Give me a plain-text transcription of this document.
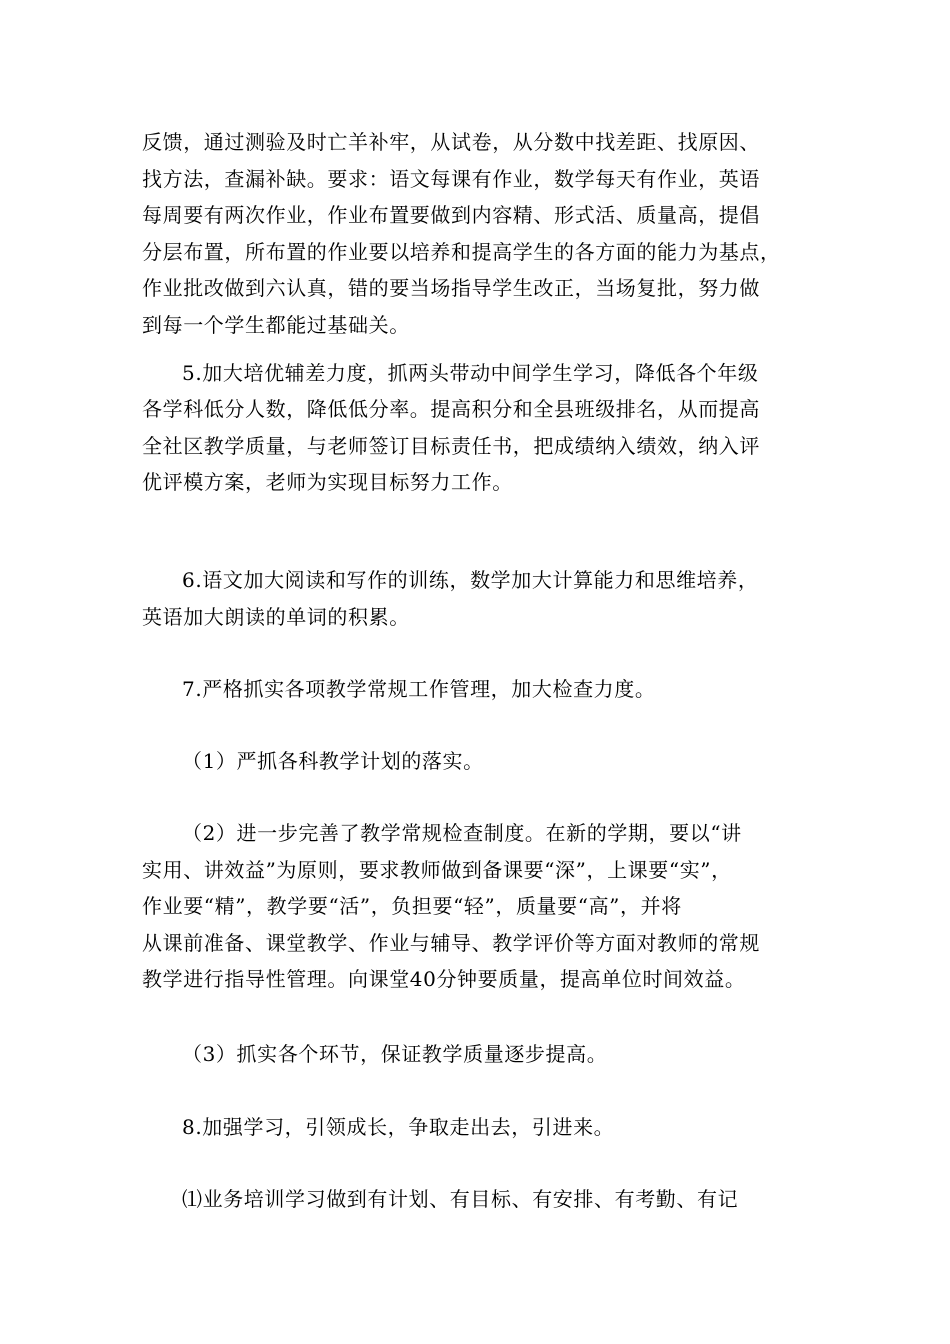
反馈，通过测验及时亡羊补牢，从试卷，从分数中找差距、找原因、
找方法，查漏补缺。要求：语文每课有作业，数学每天有作业，英语
每周要有两次作业，作业布置要做到内容精、形式活、质量高，提倡
分层布置，所布置的作业要以培养和提高学生的各方面的能力为基点，
作业批改做到六认真，错的要当场指导学生改正，当场复批，努力做
到每一个学生都能过基础关。
5.加大培优辅差力度，抓两头带动中间学生学习，降低各个年级
各学科低分人数，降低低分率。提高积分和全县班级排名，从而提高
全社区教学质量，与老师签订目标责任书，把成绩纳入绩效，纳入评
优评模方案，老师为实现目标努力工作。
6.语文加大阅读和写作的训练，数学加大计算能力和思维培养，
英语加大朗读的单词的积累。
7.严格抓实各项教学常规工作管理，加大检查力度。
（1）严抓各科教学计划的落实。
（2）进一步完善了教学常规检查制度。在新的学期，要以“讲
实用、讲效益”为原则，要求教师做到备课要“深”，上课要“实”，
作业要“精”，教学要“活”，负担要“轻”，质量要“高”，并将
从课前准备、课堂教学、作业与辅导、教学评价等方面对教师的常规
教学进行指导性管理。向课堂40分钟要质量，提高单位时间效益。
（3）抓实各个环节，保证教学质量逐步提高。
8.加强学习，引领成长，争取走出去，引进来。
⑴业务培训学习做到有计划、有目标、有安排、有考勤、有记
